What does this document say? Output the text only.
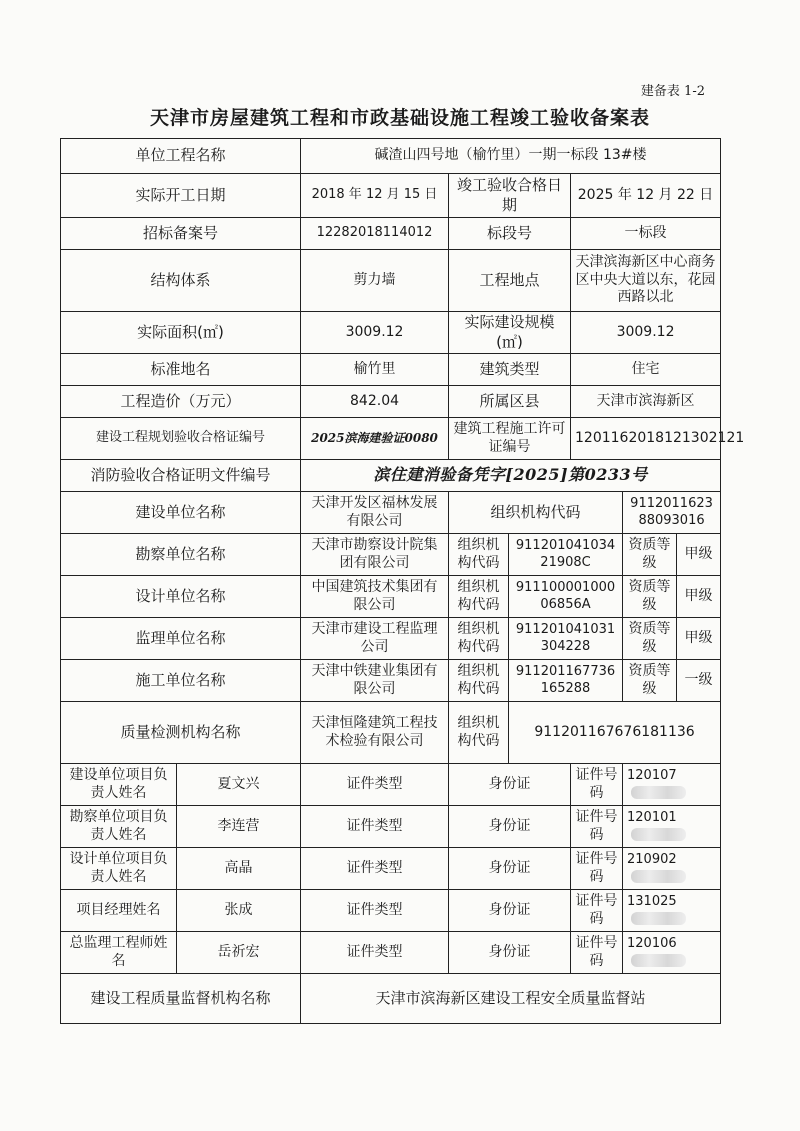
建备表 1-2
天津市房屋建筑工程和市政基础设施工程竣工验收备案表
单位工程名称		碱渣山四号地（榆竹里）一期一标段 13#楼					
实际开工日期		2018 年 12 月 15 日	竣工验收合格日期		2025 年 12 月 22 日		
招标备案号		12282018114012	标段号		一标段		
结构体系		剪力墙	工程地点		天津滨海新区中心商务区中央大道以东，花园西路以北		
实际面积(㎡)		3009.12	实际建设规模(㎡)		3009.12		
标准地名		榆竹里	建筑类型		住宅		
工程造价（万元）		842.04	所属区县		天津市滨海新区		
建设工程规划验收合格证编号		2025滨海建验证0080	建筑工程施工许可证编号		1201162018121302121		
消防验收合格证明文件编号		滨住建消验备凭字[2025]第0233号					
建设单位名称		天津开发区福林发展有限公司	组织机构代码			911201162388093016	
勘察单位名称		天津市勘察设计院集团有限公司	组织机构代码	91120104103421908C		资质等级	甲级
设计单位名称		中国建筑技术集团有限公司	组织机构代码	91110000100006856A		资质等级	甲级
监理单位名称		天津市建设工程监理公司	组织机构代码	911201041031304228		资质等级	甲级
施工单位名称		天津中铁建业集团有限公司	组织机构代码	911201167736165288		资质等级	一级
质量检测机构名称		天津恒隆建筑工程技术检验有限公司	组织机构代码	911201167676181136			
建设单位项目负责人姓名	夏文兴	证件类型	身份证		证件号码	120107	
勘察单位项目负责人姓名	李连营	证件类型	身份证		证件号码	120101	
设计单位项目负责人姓名	高晶	证件类型	身份证		证件号码	210902	
项目经理姓名	张成	证件类型	身份证		证件号码	131025	
总监理工程师姓名	岳祈宏	证件类型	身份证		证件号码	120106	
建设工程质量监督机构名称		天津市滨海新区建设工程安全质量监督站					
